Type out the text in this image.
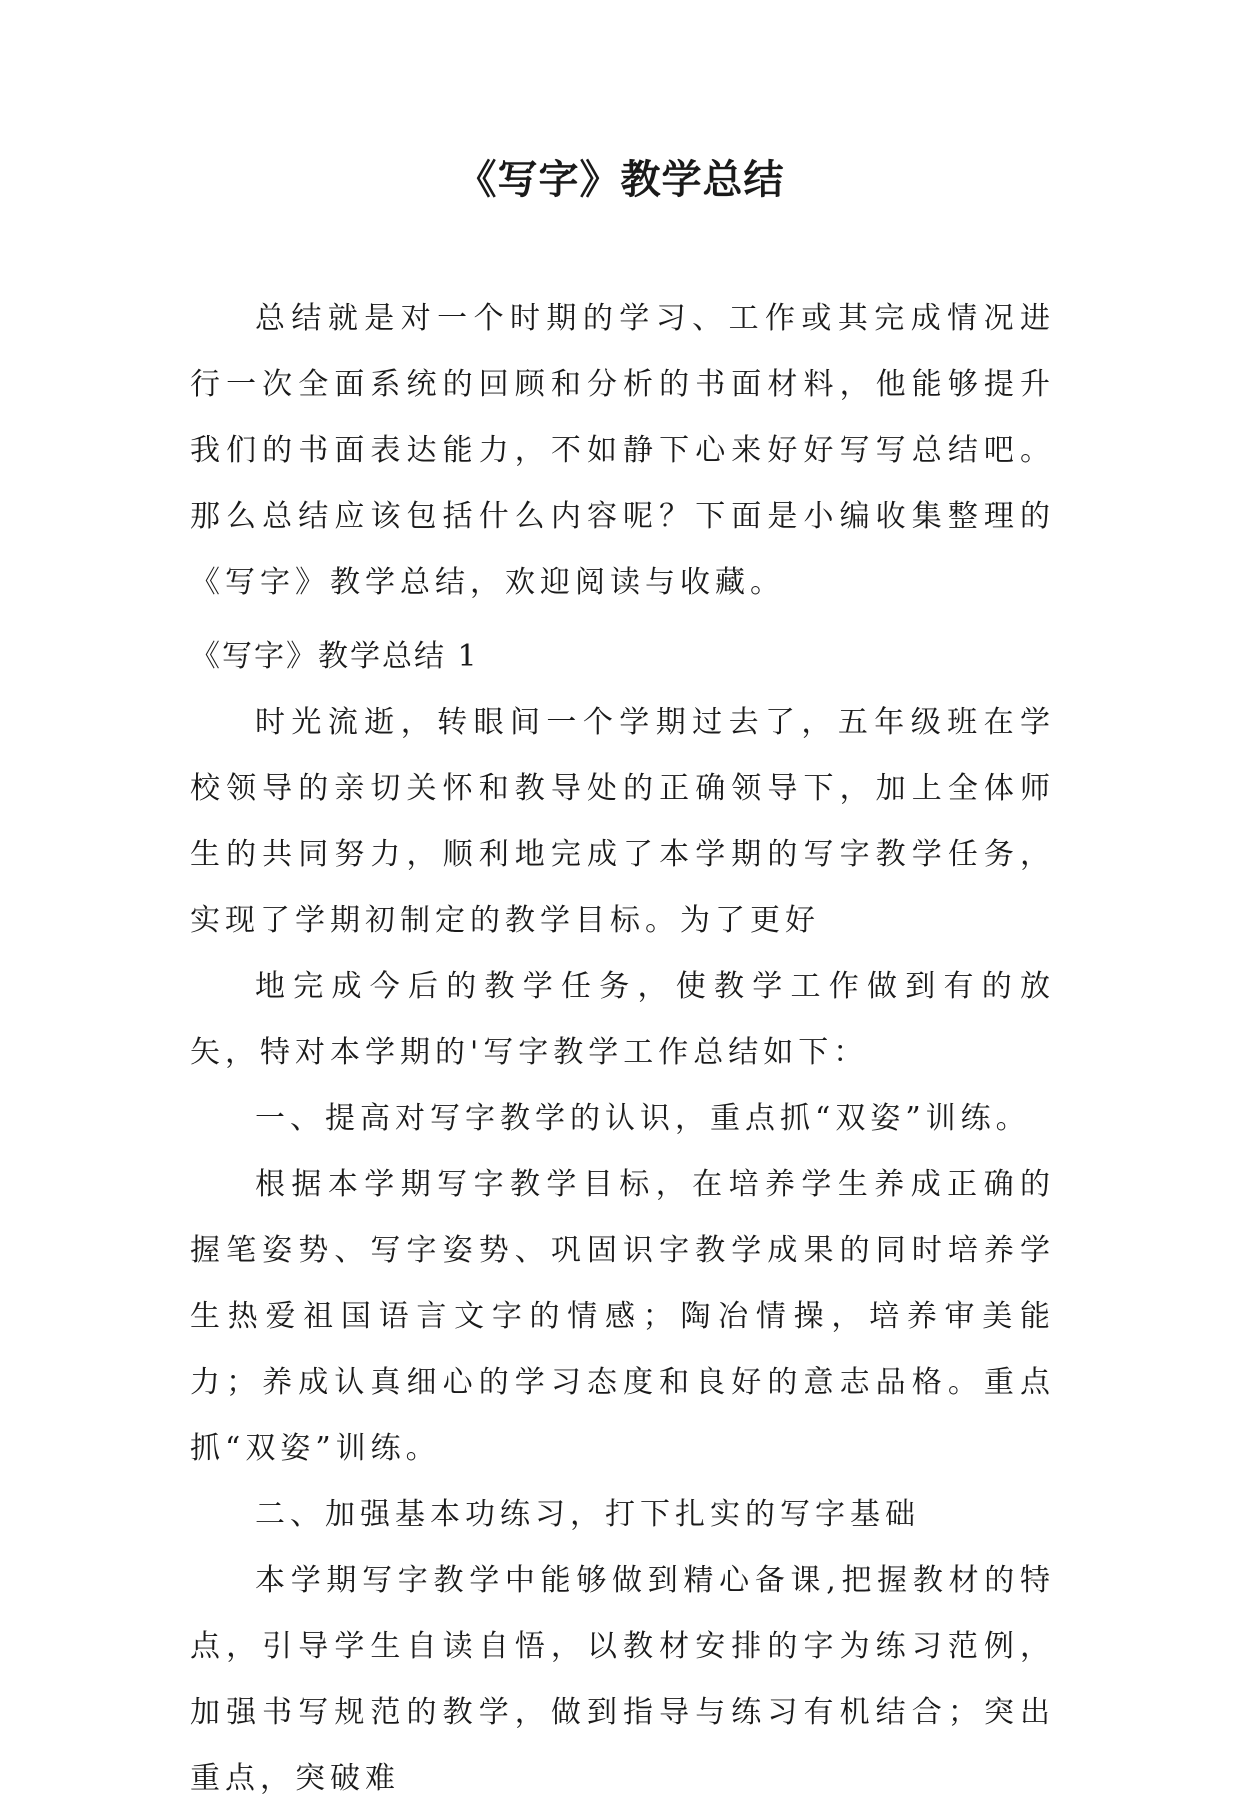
《写字》教学总结

总结就是对一个时期的学习、工作或其完成情况进行一次全面系统的回顾和分析的书面材料，他能够提升我们的书面表达能力，不如静下心来好好写写总结吧。那么总结应该包括什么内容呢？下面是小编收集整理的《写字》教学总结，欢迎阅读与收藏。

《写字》教学总结 1

时光流逝，转眼间一个学期过去了，五年级班在学校领导的亲切关怀和教导处的正确领导下，加上全体师生的共同努力，顺利地完成了本学期的写字教学任务，实现了学期初制定的教学目标。为了更好

地完成今后的教学任务，使教学工作做到有的放矢，特对本学期的'写字教学工作总结如下：

一、提高对写字教学的认识，重点抓“双姿”训练。

根据本学期写字教学目标，在培养学生养成正确的握笔姿势、写字姿势、巩固识字教学成果的同时培养学生热爱祖国语言文字的情感；陶冶情操，培养审美能力；养成认真细心的学习态度和良好的意志品格。重点抓“双姿”训练。

二、加强基本功练习，打下扎实的写字基础

本学期写字教学中能够做到精心备课,把握教材的特点，引导学生自读自悟，以教材安排的字为练习范例，加强书写规范的教学，做到指导与练习有机结合；突出重点，突破难
